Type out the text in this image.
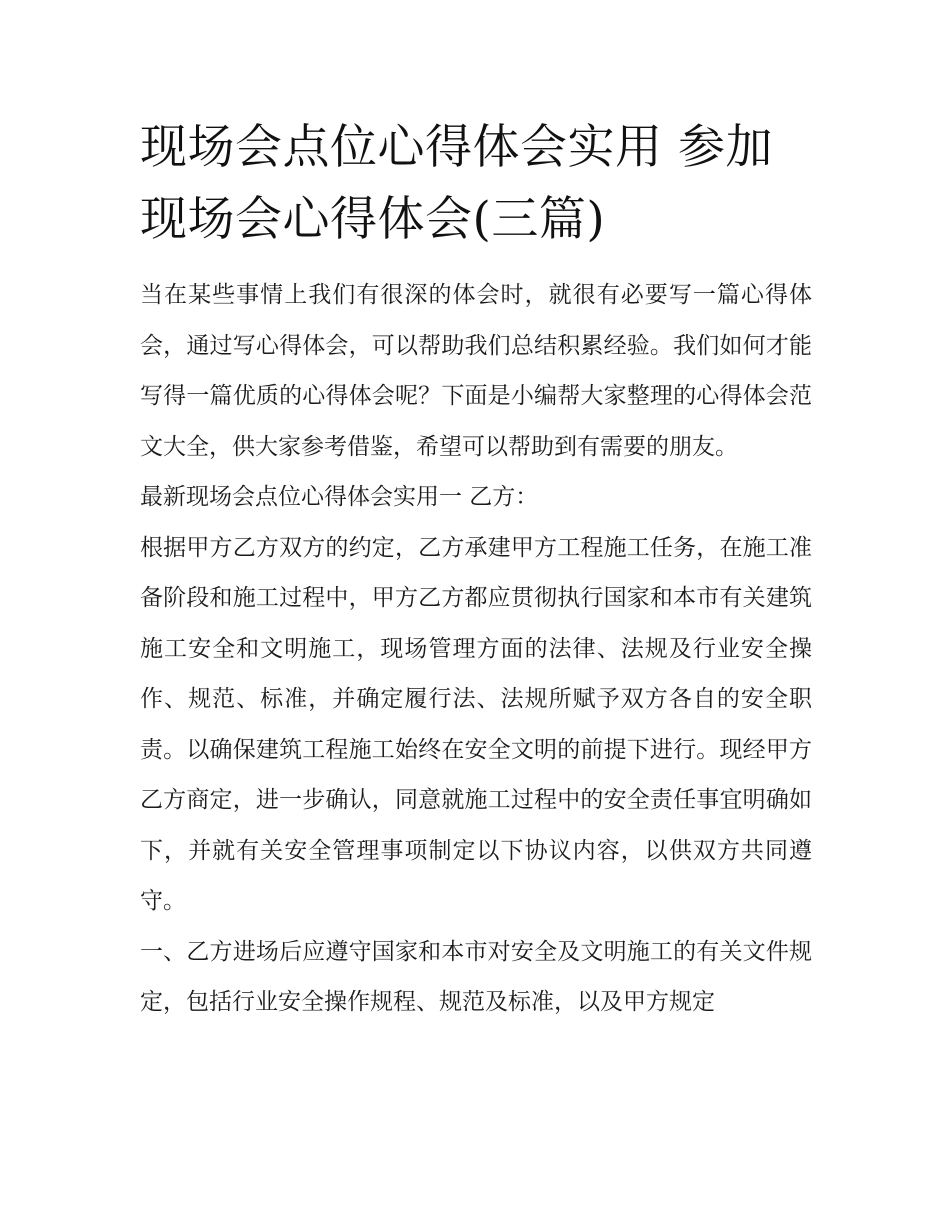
现场会点位心得体会实用 参加现场会心得体会(三篇)

当在某些事情上我们有很深的体会时，就很有必要写一篇心得体会，通过写心得体会，可以帮助我们总结积累经验。我们如何才能写得一篇优质的心得体会呢？下面是小编帮大家整理的心得体会范文大全，供大家参考借鉴，希望可以帮助到有需要的朋友。

最新现场会点位心得体会实用一 乙方：

根据甲方乙方双方的约定，乙方承建甲方工程施工任务，在施工准备阶段和施工过程中，甲方乙方都应贯彻执行国家和本市有关建筑施工安全和文明施工，现场管理方面的法律、法规及行业安全操作、规范、标准，并确定履行法、法规所赋予双方各自的安全职责。以确保建筑工程施工始终在安全文明的前提下进行。现经甲方乙方商定，进一步确认，同意就施工过程中的安全责任事宜明确如下，并就有关安全管理事项制定以下协议内容，以供双方共同遵守。

一、乙方进场后应遵守国家和本市对安全及文明施工的有关文件规定，包括行业安全操作规程、规范及标准，以及甲方规定
